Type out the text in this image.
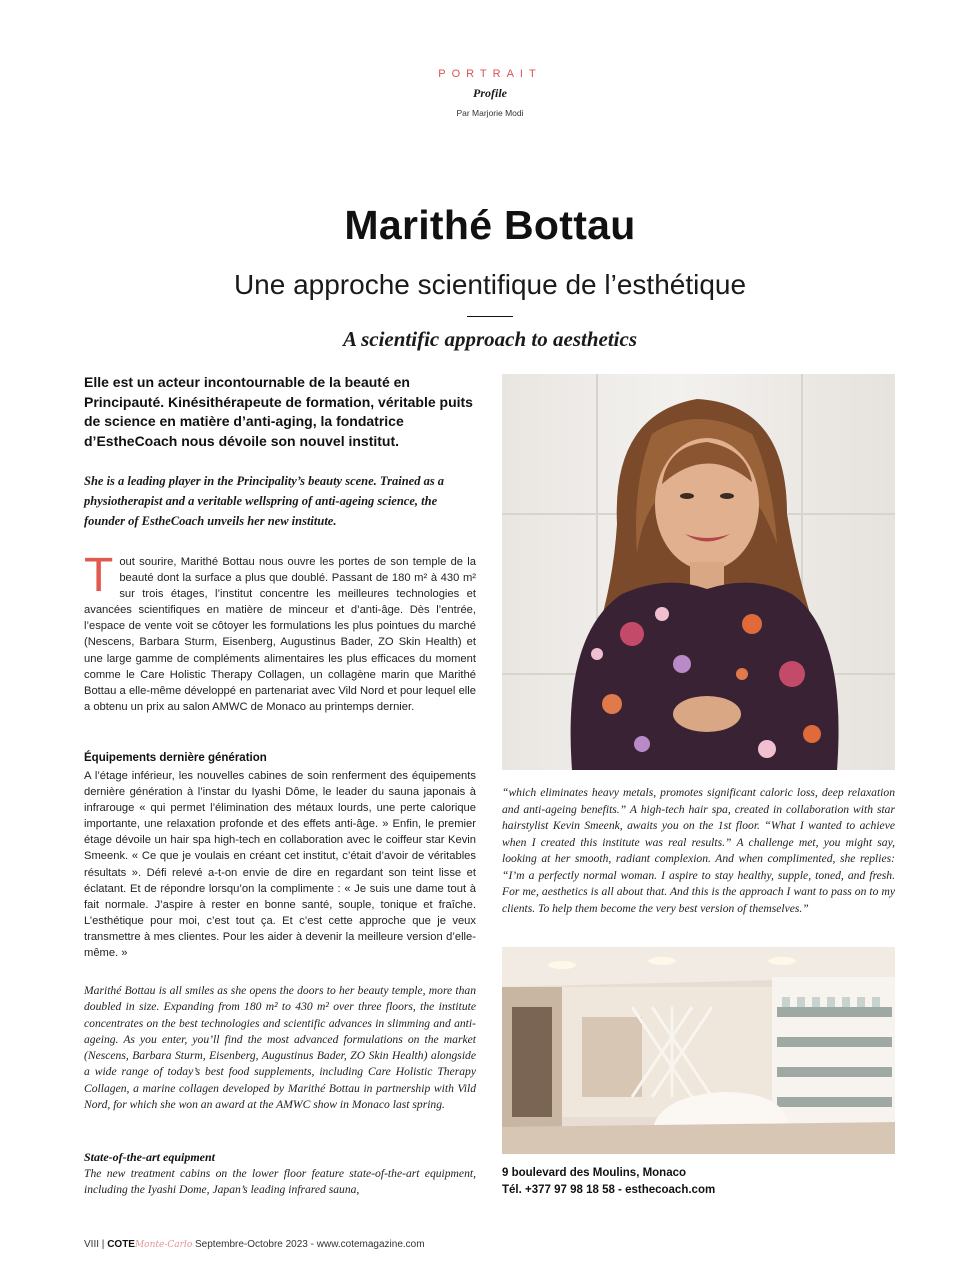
PORTRAIT
Profile
Par Marjorie Modi
Marithé Bottau
Une approche scientifique de l’esthétique
A scientific approach to aesthetics

Elle est un acteur incontournable de la beauté en Principauté. Kinésithérapeute de formation, véritable puits de science en matière d’anti-aging, la fondatrice d’EstheCoach nous dévoile son nouvel institut.

She is a leading player in the Principality’s beauty scene. Trained as a physiotherapist and a veritable wellspring of anti-ageing science, the founder of EstheCoach unveils her new institute.

Tout sourire, Marithé Bottau nous ouvre les portes de son temple de la beauté dont la surface a plus que doublé. Passant de 180 m² à 430 m² sur trois étages, l’institut concentre les meilleures technologies et avancées scientifiques en matière de minceur et d’anti-âge. Dès l’entrée, l’espace de vente voit se côtoyer les formulations les plus pointues du marché (Nescens, Barbara Sturm, Eisenberg, Augustinus Bader, ZO Skin Health) et une large gamme de compléments alimentaires les plus efficaces du moment comme le Care Holistic Therapy Collagen, un collagène marin que Marithé Bottau a elle-même développé en partenariat avec Vild Nord et pour lequel elle a obtenu un prix au salon AMWC de Monaco au printemps dernier.
Équipements dernière génération

A l’étage inférieur, les nouvelles cabines de soin renferment des équipements dernière génération à l’instar du Iyashi Dôme, le leader du sauna japonais à infrarouge « qui permet l’élimination des métaux lourds, une perte calorique importante, une relaxation profonde et des effets anti-âge. » Enfin, le premier étage dévoile un hair spa high-tech en collaboration avec le coiffeur star Kevin Smeenk. « Ce que je voulais en créant cet institut, c’était d’avoir de véritables résultats ». Défi relevé a-t-on envie de dire en regardant son teint lisse et éclatant. Et de répondre lorsqu’on la complimente : « Je suis une dame tout à fait normale. J’aspire à rester en bonne santé, souple, tonique et fraîche. L’esthétique pour moi, c’est tout ça. Et c’est cette approche que je veux transmettre à mes clientes. Pour les aider à devenir la meilleure version d’elle-même. »

Marithé Bottau is all smiles as she opens the doors to her beauty temple, more than doubled in size. Expanding from 180 m² to 430 m² over three floors, the institute concentrates on the best technologies and scientific advances in slimming and anti-ageing. As you enter, you’ll find the most advanced formulations on the market (Nescens, Barbara Sturm, Eisenberg, Augustinus Bader, ZO Skin Health) alongside a wide range of today’s best food supplements, including Care Holistic Therapy Collagen, a marine collagen developed by Marithé Bottau in partnership with Vild Nord, for which she won an award at the AMWC show in Monaco last spring.

State-of-the-art equipment

The new treatment cabins on the lower floor feature state-of-the-art equipment, including the Iyashi Dome, Japan’s leading infrared sauna,

“which eliminates heavy metals, promotes significant caloric loss, deep relaxation and anti-ageing benefits.” A high-tech hair spa, created in collaboration with star hairstylist Kevin Smeenk, awaits you on the 1st floor. “What I wanted to achieve when I created this institute was real results.” A challenge met, you might say, looking at her smooth, radiant complexion. And when complimented, she replies: “I’m a perfectly normal woman. I aspire to stay healthy, supple, toned, and fresh. For me, aesthetics is all about that. And this is the approach I want to pass on to my clients. To help them become the very best version of themselves.”

9 boulevard des Moulins, Monaco
Tél. +377 97 98 18 58 - esthecoach.com
VIII | COTEMonte-Carlo Septembre-Octobre 2023 - www.cotemagazine.com
